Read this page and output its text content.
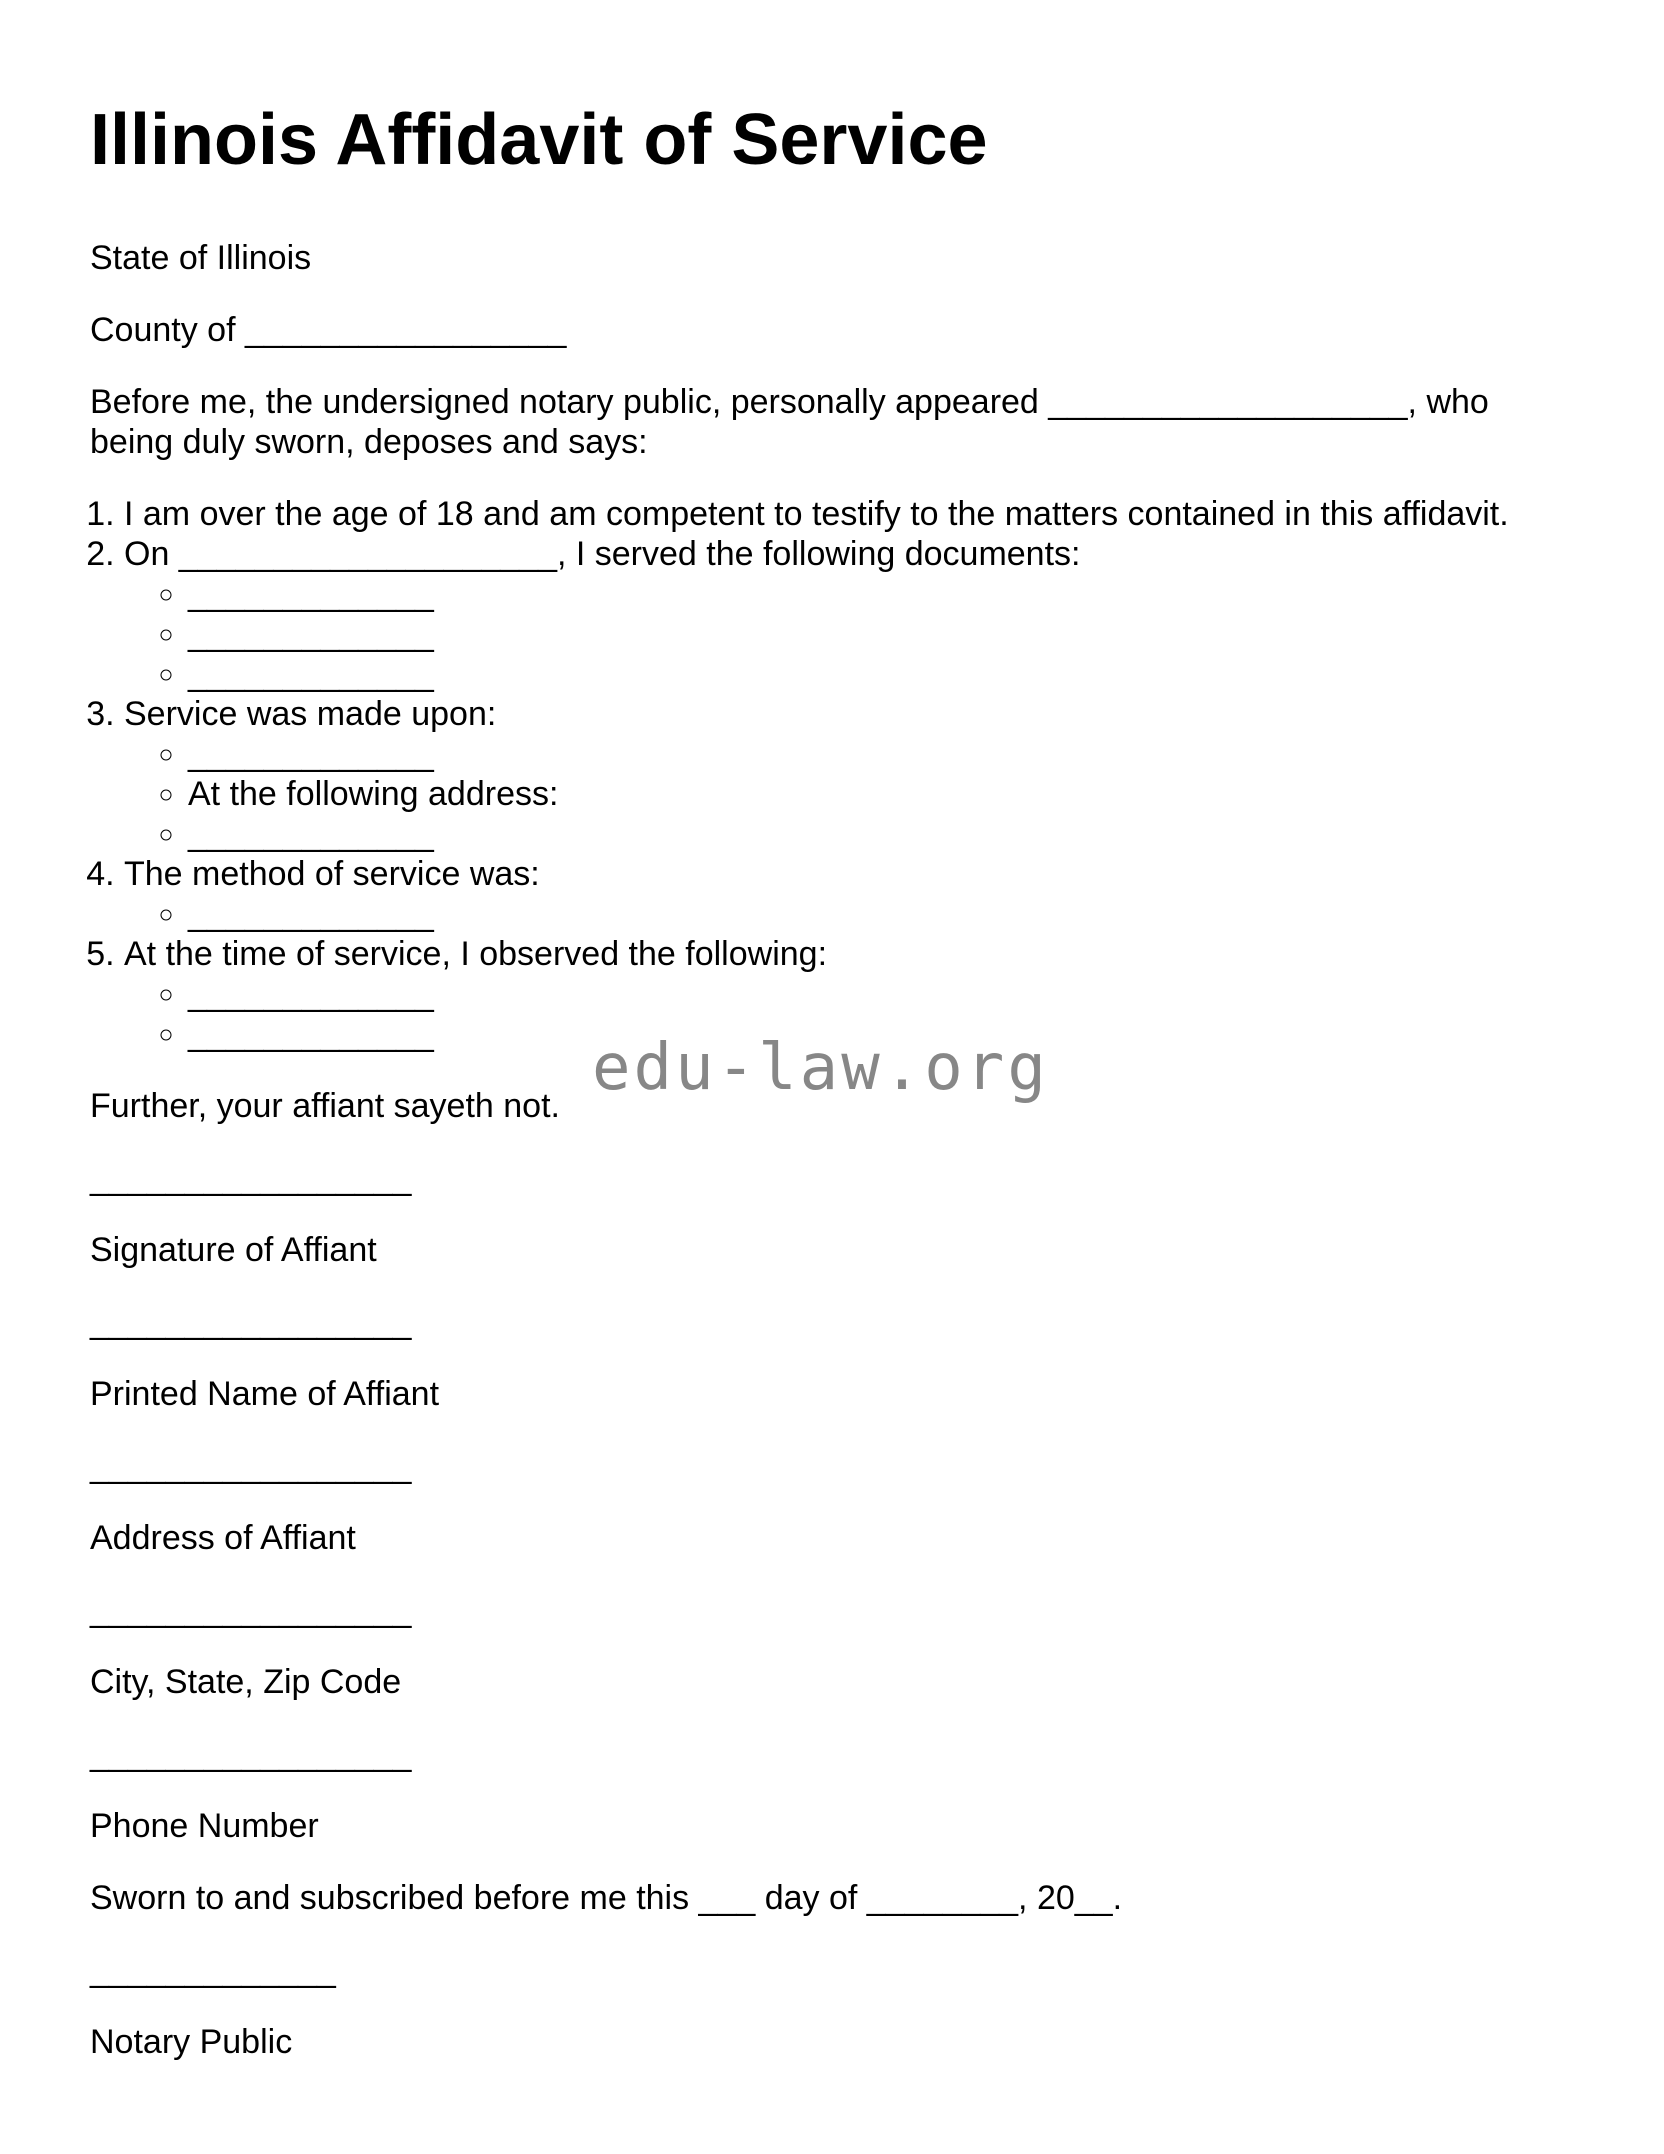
edu-law.org
Illinois Affidavit of Service

State of Illinois

County of _________________

Before me, the undersigned notary public, personally appeared ___________________, who being duly sworn, deposes and says:

1. I am over the age of 18 and am competent to testify to the matters contained in this affidavit.
2. On ____________________, I served the following documents:
◦ _____________
◦ _____________
◦ _____________
3. Service was made upon:
◦ _____________
◦ At the following address:
◦ _____________
4. The method of service was:
◦ _____________
5. At the time of service, I observed the following:
◦ _____________
◦ _____________

Further, your affiant sayeth not.

_________________

Signature of Affiant

_________________

Printed Name of Affiant

_________________

Address of Affiant

_________________

City, State, Zip Code

_________________

Phone Number

Sworn to and subscribed before me this ___ day of ________, 20__.

_____________

Notary Public
